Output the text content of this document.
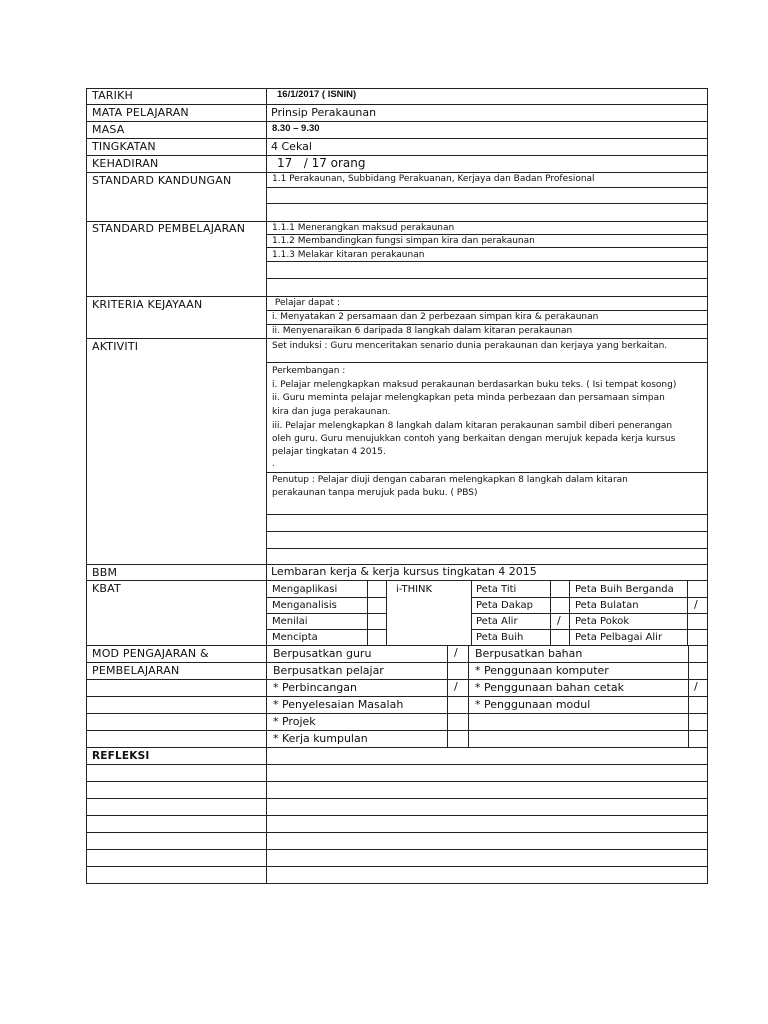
TARIKH
MATA PELAJARAN
MASA
TINGKATAN
KEHADIRAN
STANDARD KANDUNGAN
STANDARD PEMBELAJARAN
KRITERIA KEJAYAAN
AKTIVITI
BBM
KBAT
MOD PENGAJARAN &
PEMBELAJARAN
REFLEKSI
16/1/2017 ( ISNIN)
Prinsip Perakaunan
8.30 – 9.30
4 Cekal
17   / 17 orang
1.1 Perakaunan, Subbidang Perakuanan, Kerjaya dan Badan Profesional
1.1.1 Menerangkan maksud perakaunan
1.1.2 Membandingkan fungsi simpan kira dan perakaunan
1.1.3 Melakar kitaran perakaunan
Pelajar dapat :
i. Menyatakan 2 persamaan dan 2 perbezaan simpan kira & perakaunan
ii. Menyenaraikan 6 daripada 8 langkah dalam kitaran perakaunan
Set induksi : Guru menceritakan senario dunia perakaunan dan kerjaya yang berkaitan.
Perkembangan :
i. Pelajar melengkapkan maksud perakaunan berdasarkan buku teks. ( Isi tempat kosong)
ii. Guru meminta pelajar melengkapkan peta minda perbezaan dan persamaan simpan
kira dan juga perakaunan.
iii. Pelajar melengkapkan 8 langkah dalam kitaran perakaunan sambil diberi penerangan
oleh guru. Guru menujukkan contoh yang berkaitan dengan merujuk kepada kerja kursus
pelajar tingkatan 4 2015.
.
Penutup : Pelajar diuji dengan cabaran melengkapkan 8 langkah dalam kitaran
perakaunan tanpa merujuk pada buku. ( PBS)
Lembaran kerja & kerja kursus tingkatan 4 2015
Mengaplikasi
Menganalisis
Menilai
Mencipta
i-THINK	Peta Titi
Peta Dakap
Peta Alir
Peta Buih
/
Peta Buih Berganda
Peta Bulatan
Peta Pokok
Peta Pelbagai Alir
/
Berpusatkan guru
Berpusatkan pelajar
* Perbincangan
* Penyelesaian Masalah
* Projek
* Kerja kumpulan
/
/
Berpusatkan bahan
* Penggunaan komputer
* Penggunaan bahan cetak
* Penggunaan modul
/
